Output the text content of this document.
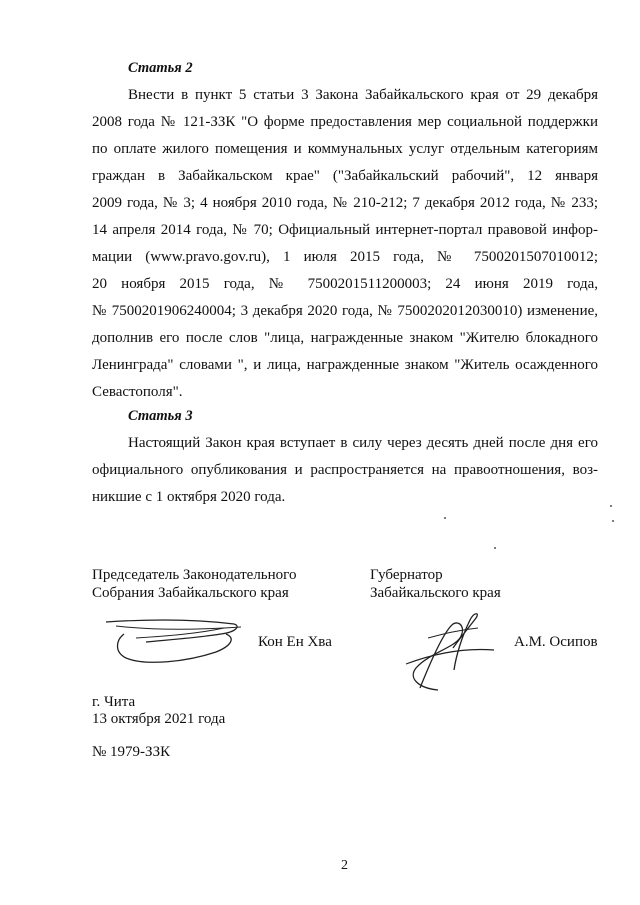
Статья 2
Внести в пункт 5 статьи 3 Закона Забайкальского края от 29 декабря
2008 года № 121-ЗЗК "О форме предоставления мер социальной поддержки
по оплате жилого помещения и коммунальных услуг отдельным категориям
граждан в Забайкальском крае" ("Забайкальский рабочий", 12 января
2009 года, № 3; 4 ноября 2010 года, № 210-212; 7 декабря 2012 года, № 233;
14 апреля 2014 года, № 70; Официальный интернет-портал правовой инфор-
мации (www.pravo.gov.ru), 1 июля 2015 года, № 7500201507010012;
20 ноября 2015 года, № 7500201511200003; 24 июня 2019 года,
№ 7500201906240004; 3 декабря 2020 года, № 7500202012030010) изменение,
дополнив его после слов "лица, награжденные знаком "Жителю блокадного
Ленинграда" словами ", и лица, награжденные знаком "Житель осажденного
Севастополя".
Статья 3
Настоящий Закон края вступает в силу через десять дней после дня его
официального опубликования и распространяется на правоотношения, воз-
никшие с 1 октября 2020 года.
Председатель Законодательного
Собрания Забайкальского края
Губернатор
Забайкальского края
Кон Ен Хва	А.М. Осипов
г. Чита
13 октября 2021 года
№ 1979-ЗЗК
2
